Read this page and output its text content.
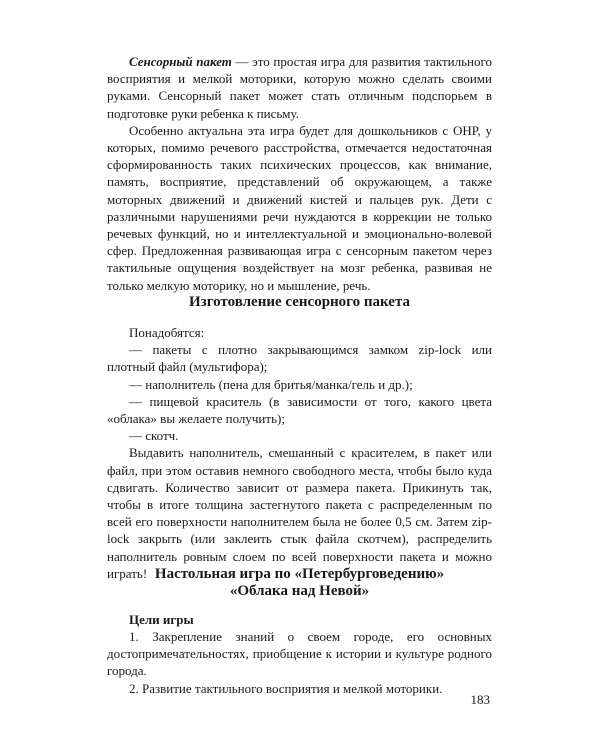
Сенсорный пакет — это простая игра для развития тактильного восприятия и мелкой моторики, которую можно сделать своими руками. Сенсорный пакет может стать отличным подспорьем в подготовке руки ребенка к письму.

Особенно актуальна эта игра будет для дошкольников с ОНР, у которых, помимо речевого расстройства, отмечается недостаточная сформированность таких психических процессов, как внимание, память, восприятие, представлений об окружающем, а также моторных движений и движений кистей и пальцев рук. Дети с различными нарушениями речи нуждаются в коррекции не только речевых функций, но и интеллектуальной и эмоционально-волевой сфер. Предложенная развивающая игра с сенсорным пакетом через тактильные ощущения воздействует на мозг ребенка, развивая не только мелкую моторику, но и мышление, речь.

Изготовление сенсорного пакета

Понадобятся:

— пакеты с плотно закрывающимся замком zip-lock или плотный файл (мультифора);

— наполнитель (пена для бритья/манка/гель и др.);

— пищевой краситель (в зависимости от того, какого цвета «облака» вы желаете получить);

— скотч.

Выдавить наполнитель, смешанный с красителем, в пакет или файл, при этом оставив немного свободного места, чтобы было куда сдвигать. Количество зависит от размера пакета. Прикинуть так, чтобы в итоге толщина застегнутого пакета с распределенным по всей его поверхности наполнителем была не более 0,5 см. Затем zip-lock закрыть (или заклеить стык файла скотчем), распределить наполнитель ровным слоем по всей поверхности пакета и можно играть! Настольная игра по «Петербурговедению»
«Облака над Невой»
Цели игры

1. Закрепление знаний о своем городе, его основных достопримечательностях, приобщение к истории и культуре родного города.

2. Развитие тактильного восприятия и мелкой моторики.

183
